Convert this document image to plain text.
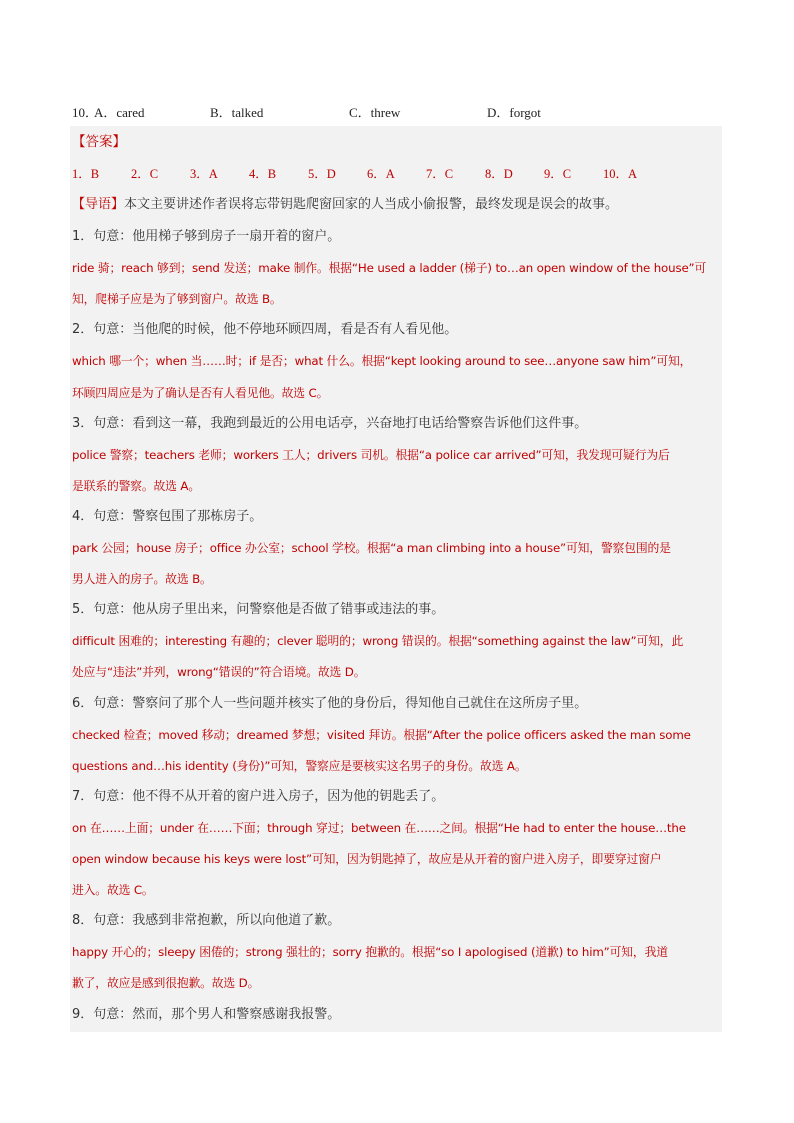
10．
A．cared	B．talked	C．threw	D．forgot
【答案】
1．B	2．C	3．A 4．B	5．D 6．A 7．C	8．D 9．C	10．A
【导语】本文主要讲述作者误将忘带钥匙爬窗回家的人当成小偷报警，最终发现是误会的故事。
1．句意：他用梯子够到房子一扇开着的窗户。
ride 骑；reach 够到；send 发送；make 制作。根据“He used a ladder (梯子) to…an open window of the house”可
知，爬梯子应是为了够到窗户。故选 B。
2．句意：当他爬的时候，他不停地环顾四周，看是否有人看见他。
which 哪一个；when 当……时；if 是否；what 什么。根据“kept looking around to see…anyone saw him”可知，
环顾四周应是为了确认是否有人看见他。故选 C。
3．句意：看到这一幕，我跑到最近的公用电话亭，兴奋地打电话给警察告诉他们这件事。
police 警察；teachers 老师；workers 工人；drivers 司机。根据“a police car arrived”可知，我发现可疑行为后
是联系的警察。故选 A。
4．句意：警察包围了那栋房子。
park 公园；house 房子；office 办公室；school 学校。根据“a man climbing into a house”可知，警察包围的是
男人进入的房子。故选 B。
5．句意：他从房子里出来，问警察他是否做了错事或违法的事。
difficult 困难的；interesting 有趣的；clever 聪明的；wrong 错误的。根据“something against the law”可知，此
处应与“违法”并列，wrong“错误的”符合语境。故选 D。
6．句意：警察问了那个人一些问题并核实了他的身份后，得知他自己就住在这所房子里。
checked 检查；moved 移动；dreamed 梦想；visited 拜访。根据“After the police officers asked the man some
questions and…his identity (身份)”可知，警察应是要核实这名男子的身份。故选 A。
7．句意：他不得不从开着的窗户进入房子，因为他的钥匙丢了。
on 在……上面；under 在……下面；through 穿过；between 在……之间。根据“He had to enter the house…the
open window because his keys were lost”可知，因为钥匙掉了，故应是从开着的窗户进入房子，即要穿过窗户
进入。故选 C。
8．句意：我感到非常抱歉，所以向他道了歉。
happy 开心的；sleepy 困倦的；strong 强壮的；sorry 抱歉的。根据“so I apologised (道歉) to him”可知，我道
歉了，故应是感到很抱歉。故选 D。
9．句意：然而，那个男人和警察感谢我报警。
